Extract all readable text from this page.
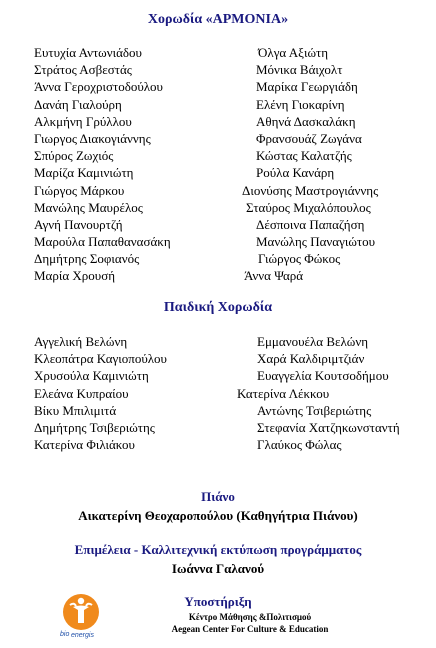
Χορωδία «ΑΡΜΟΝΙΑ»
Ευτυχία Αντωνιάδου
Στράτος Ασβεστάς
Άννα Γεροχριστοδούλου
Δανάη Γιαλούρη
Αλκμήνη Γρύλλου
Γιωργος Διακογιάννης
Σπύρος Ζωχιός
Μαρίζα Καμινιώτη
Γιώργος Μάρκου
Μανώλης Μαυρέλος
Αγνή Πανουρτζή
Μαρούλα Παπαθανασάκη
Δημήτρης Σοφιανός
Μαρία Χρουσή
Όλγα Αξιώτη
Μόνικα Βάιχολτ
Μαρίκα Γεωργιάδη
Ελένη Γιοκαρίνη
Αθηνά Δασκαλάκη
Φρανσουάζ Ζωγάνα
Κώστας Καλατζής
Ρούλα Κανάρη
Διονύσης Μαστρογιάννης
Σταύρος Μιχαλόπουλος
Δέσποινα Παπαζήση
Μανώλης Παναγιώτου
Γιώργος Φώκος
Άννα Ψαρά
Παιδική Χορωδία
Αγγελική Βελώνη
Κλεοπάτρα Καγιοπούλου
Χρυσούλα Καμινιώτη
Ελεάνα Κυπραίου
Βίκυ Μπιλιμιτά
Δημήτρης Τσιβεριώτης
Κατερίνα Φιλιάκου
Εμμανουέλα Βελώνη
Χαρά Καλδιριμτζιάν
Ευαγγελία Κουτσοδήμου
Κατερίνα Λέκκου
Αντώνης Τσιβεριώτης
Στεφανία Χατζηκωνσταντή
Γλαύκος Φώλας
Πιάνο
Αικατερίνη Θεοχαροπούλου (Καθηγήτρια Πιάνου)
Επιμέλεια - Καλλιτεχνική εκτύπωση προγράμματος
Ιωάννα Γαλανού
Υποστήριξη
bio energis
Κέντρο Μάθησης &Πολιτισμού
Aegean Center For Culture & Education
